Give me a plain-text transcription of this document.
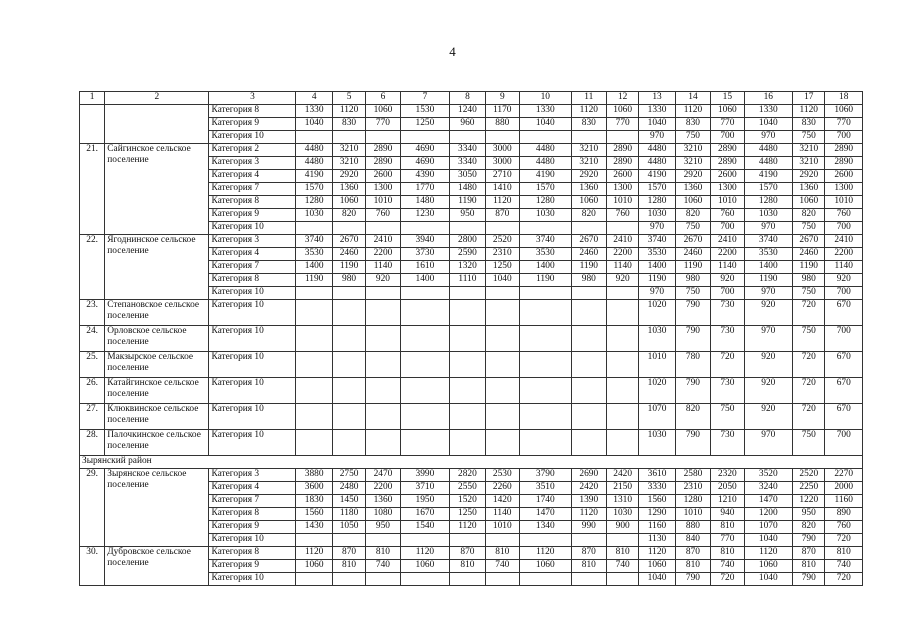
4
1	2	3	4	5	6	7	8	9	10	11	12	13	14	15	16	17	18
		Категория 8	1330	1120	1060	1530	1240	1170	1330	1120	1060	1330	1120	1060	1330	1120	1060
		Категория 9	1040	830	770	1250	960	880	1040	830	770	1040	830	770	1040	830	770
		Категория 10										970	750	700	970	750	700
21.	Сайгинское сельское поселение	Категория 2	4480	3210	2890	4690	3340	3000	4480	3210	2890	4480	3210	2890	4480	3210	2890
		Категория 3	4480	3210	2890	4690	3340	3000	4480	3210	2890	4480	3210	2890	4480	3210	2890
		Категория 4	4190	2920	2600	4390	3050	2710	4190	2920	2600	4190	2920	2600	4190	2920	2600
		Категория 7	1570	1360	1300	1770	1480	1410	1570	1360	1300	1570	1360	1300	1570	1360	1300
		Категория 8	1280	1060	1010	1480	1190	1120	1280	1060	1010	1280	1060	1010	1280	1060	1010
		Категория 9	1030	820	760	1230	950	870	1030	820	760	1030	820	760	1030	820	760
		Категория 10										970	750	700	970	750	700
22.	Ягоднинское сельское поселение	Категория 3	3740	2670	2410	3940	2800	2520	3740	2670	2410	3740	2670	2410	3740	2670	2410
		Категория 4	3530	2460	2200	3730	2590	2310	3530	2460	2200	3530	2460	2200	3530	2460	2200
		Категория 7	1400	1190	1140	1610	1320	1250	1400	1190	1140	1400	1190	1140	1400	1190	1140
		Категория 8	1190	980	920	1400	1110	1040	1190	980	920	1190	980	920	1190	980	920
		Категория 10										970	750	700	970	750	700
23.	Степановское сельское поселение	Категория 10										1020	790	730	920	720	670
24.	Орловское сельское поселение	Категория 10										1030	790	730	970	750	700
25.	Макзырское сельское поселение	Категория 10										1010	780	720	920	720	670
26.	Катайгинское сельское поселение	Категория 10										1020	790	730	920	720	670
27.	Клюквинское сельское поселение	Категория 10										1070	820	750	920	720	670
28.	Палочкинское сельское поселение	Категория 10										1030	790	730	970	750	700
Зырянский район																	
29.	Зырянское сельское поселение	Категория 3	3880	2750	2470	3990	2820	2530	3790	2690	2420	3610	2580	2320	3520	2520	2270
		Категория 4	3600	2480	2200	3710	2550	2260	3510	2420	2150	3330	2310	2050	3240	2250	2000
		Категория 7	1830	1450	1360	1950	1520	1420	1740	1390	1310	1560	1280	1210	1470	1220	1160
		Категория 8	1560	1180	1080	1670	1250	1140	1470	1120	1030	1290	1010	940	1200	950	890
		Категория 9	1430	1050	950	1540	1120	1010	1340	990	900	1160	880	810	1070	820	760
		Категория 10										1130	840	770	1040	790	720
30.	Дубровское сельское поселение	Категория 8	1120	870	810	1120	870	810	1120	870	810	1120	870	810	1120	870	810
		Категория 9	1060	810	740	1060	810	740	1060	810	740	1060	810	740	1060	810	740
		Категория 10										1040	790	720	1040	790	720
